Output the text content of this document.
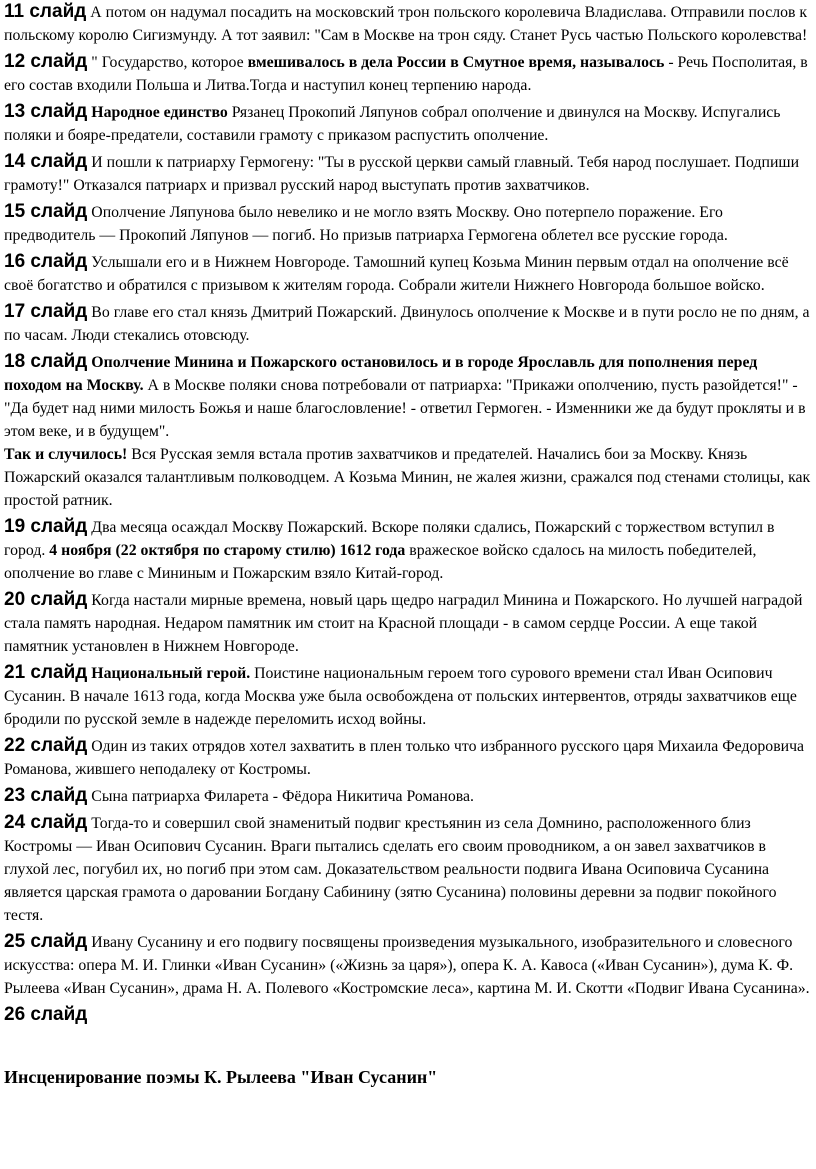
11 слайд А потом он надумал посадить на московский трон польского королевича Владислава. Отправили послов к польскому королю Сигизмунду. А тот заявил: "Сам в Москве на трон сяду. Станет Русь частью Польского королевства!

12 слайд " Государство, которое вмешивалось в дела России в Смутное время, называлось - Речь Посполитая, в его состав входили Польша и Литва.Тогда и наступил конец терпению народа.

13 слайд Народное единство Рязанец Прокопий Ляпунов собрал ополчение и двинулся на Москву. Испугались поляки и бояре-предатели, составили грамоту с приказом распустить ополчение.

14 слайд И пошли к патриарху Гермогену: "Ты в русской церкви самый главный. Тебя народ послушает. Подпиши грамоту!" Отказался патриарх и призвал русский народ выступать против захватчиков.

15 слайд Ополчение Ляпунова было невелико и не могло взять Москву. Оно потерпело поражение. Его предводитель — Прокопий Ляпунов — погиб. Но призыв патриарха Гермогена облетел все русские города.

16 слайд Услышали его и в Нижнем Новгороде. Тамошний купец Козьма Минин первым отдал на ополчение всё своё богатство и обратился с призывом к жителям города. Собрали жители Нижнего Новгорода большое войско.

17 слайд Во главе его стал князь Дмитрий Пожарский. Двинулось ополчение к Москве и в пути росло не по дням, а по часам. Люди стекались отовсюду.

18 слайд Ополчение Минина и Пожарского остановилось и в городе Ярославль для пополнения перед походом на Москву. А в Москве поляки снова потребовали от патриарха: "Прикажи ополчению, пусть разойдется!" - "Да будет над ними милость Божья и наше благословление! - ответил Гермоген. - Изменники же да будут прокляты и в этом веке, и в будущем".
Так и случилось! Вся Русская земля встала против захватчиков и предателей. Начались бои за Москву. Князь Пожарский оказался талантливым полководцем. А Козьма Минин, не жалея жизни, сражался под стенами столицы, как простой ратник.

19 слайд Два месяца осаждал Москву Пожарский. Вскоре поляки сдались, Пожарский с торжеством вступил в город. 4 ноября (22 октября по старому стилю) 1612 года вражеское войско сдалось на милость победителей, ополчение во главе с Мининым и Пожарским взяло Китай-город.

20 слайд Когда настали мирные времена, новый царь щедро наградил Минина и Пожарского. Но лучшей наградой стала память народная. Недаром памятник им стоит на Красной площади - в самом сердце России. А еще такой памятник установлен в Нижнем Новгороде.

21 слайд Национальный герой. Поистине национальным героем того сурового времени стал Иван Осипович Сусанин. В начале 1613 года, когда Москва уже была освобождена от польских интервентов, отряды захватчиков еще бродили по русской земле в надежде переломить исход войны.

22 слайд Один из таких отрядов хотел захватить в плен только что избранного русского царя Михаила Федоровича Романова, жившего неподалеку от Костромы.

23 слайд Сына патриарха Филарета - Фёдора Никитича Романова.

24 слайд Тогда-то и совершил свой знаменитый подвиг крестьянин из села Домнино, расположенного близ Костромы — Иван Осипович Сусанин. Враги пытались сделать его своим проводником, а он завел захватчиков в глухой лес, погубил их, но погиб при этом сам. Доказательством реальности подвига Ивана Осиповича Сусанина является царская грамота о даровании Богдану Сабинину (зятю Сусанина) половины деревни за подвиг покойного тестя.

25 слайд Ивану Сусанину и его подвигу посвящены произведения музыкального, изобразительного и словесного искусства: опера М. И. Глинки «Иван Сусанин» («Жизнь за царя»), опера К. А. Кавоса («Иван Сусанин»), дума К. Ф. Рылеева «Иван Сусанин», драма Н. А. Полевого «Костромские леса», картина М. И. Скотти «Подвиг Ивана Сусанина».

26 слайд

Инсценирование поэмы К. Рылеева "Иван Сусанин"
